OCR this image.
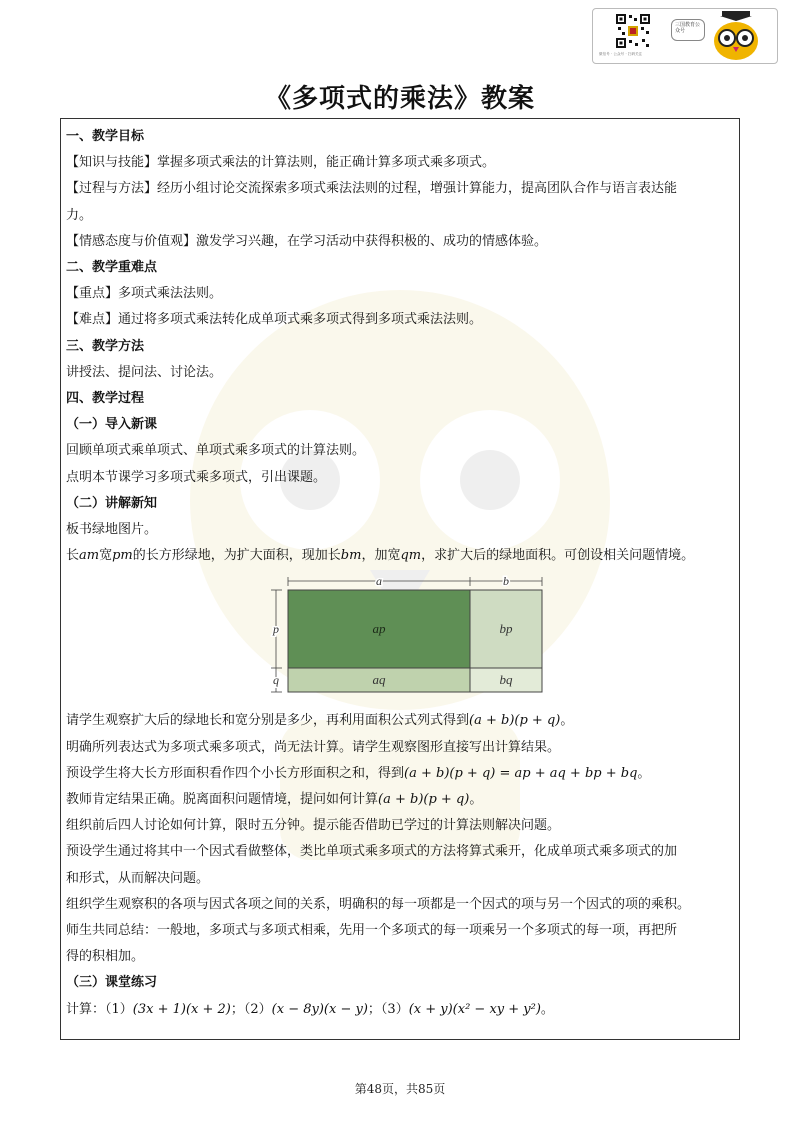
三国教育公众号
微信号 · 公众号 · 扫码关注
《多项式的乘法》教案
一、教学目标
【知识与技能】掌握多项式乘法的计算法则，能正确计算多项式乘多项式。
【过程与方法】经历小组讨论交流探索多项式乘法法则的过程，增强计算能力，提高团队合作与语言表达能
力。
【情感态度与价值观】激发学习兴趣，在学习活动中获得积极的、成功的情感体验。
二、教学重难点
【重点】多项式乘法法则。
【难点】通过将多项式乘法转化成单项式乘多项式得到多项式乘法法则。
三、教学方法
讲授法、提问法、讨论法。
四、教学过程
（一）导入新课
回顾单项式乘单项式、单项式乘多项式的计算法则。
点明本节课学习多项式乘多项式，引出课题。
（二）讲解新知
板书绿地图片。
长am宽pm的长方形绿地，为扩大面积，现加长bm，加宽qm，求扩大后的绿地面积。可创设相关问题情境。
a	b
p
q
ap	bp
aq	bq
请学生观察扩大后的绿地长和宽分别是多少，再利用面积公式列式得到(a + b)(p + q)。
明确所列表达式为多项式乘多项式，尚无法计算。请学生观察图形直接写出计算结果。
预设学生将大长方形面积看作四个小长方形面积之和，得到(a + b)(p + q) = ap + aq + bp + bq。
教师肯定结果正确。脱离面积问题情境，提问如何计算(a + b)(p + q)。
组织前后四人讨论如何计算，限时五分钟。提示能否借助已学过的计算法则解决问题。
预设学生通过将其中一个因式看做整体，类比单项式乘多项式的方法将算式乘开，化成单项式乘多项式的加
和形式，从而解决问题。
组织学生观察积的各项与因式各项之间的关系，明确积的每一项都是一个因式的项与另一个因式的项的乘积。
师生共同总结：一般地，多项式与多项式相乘，先用一个多项式的每一项乘另一个多项式的每一项，再把所
得的积相加。
（三）课堂练习
计算：（1）(3x + 1)(x + 2)；（2）(x − 8y)(x − y)；（3）(x + y)(x² − xy + y²)。
第48页，共85页
